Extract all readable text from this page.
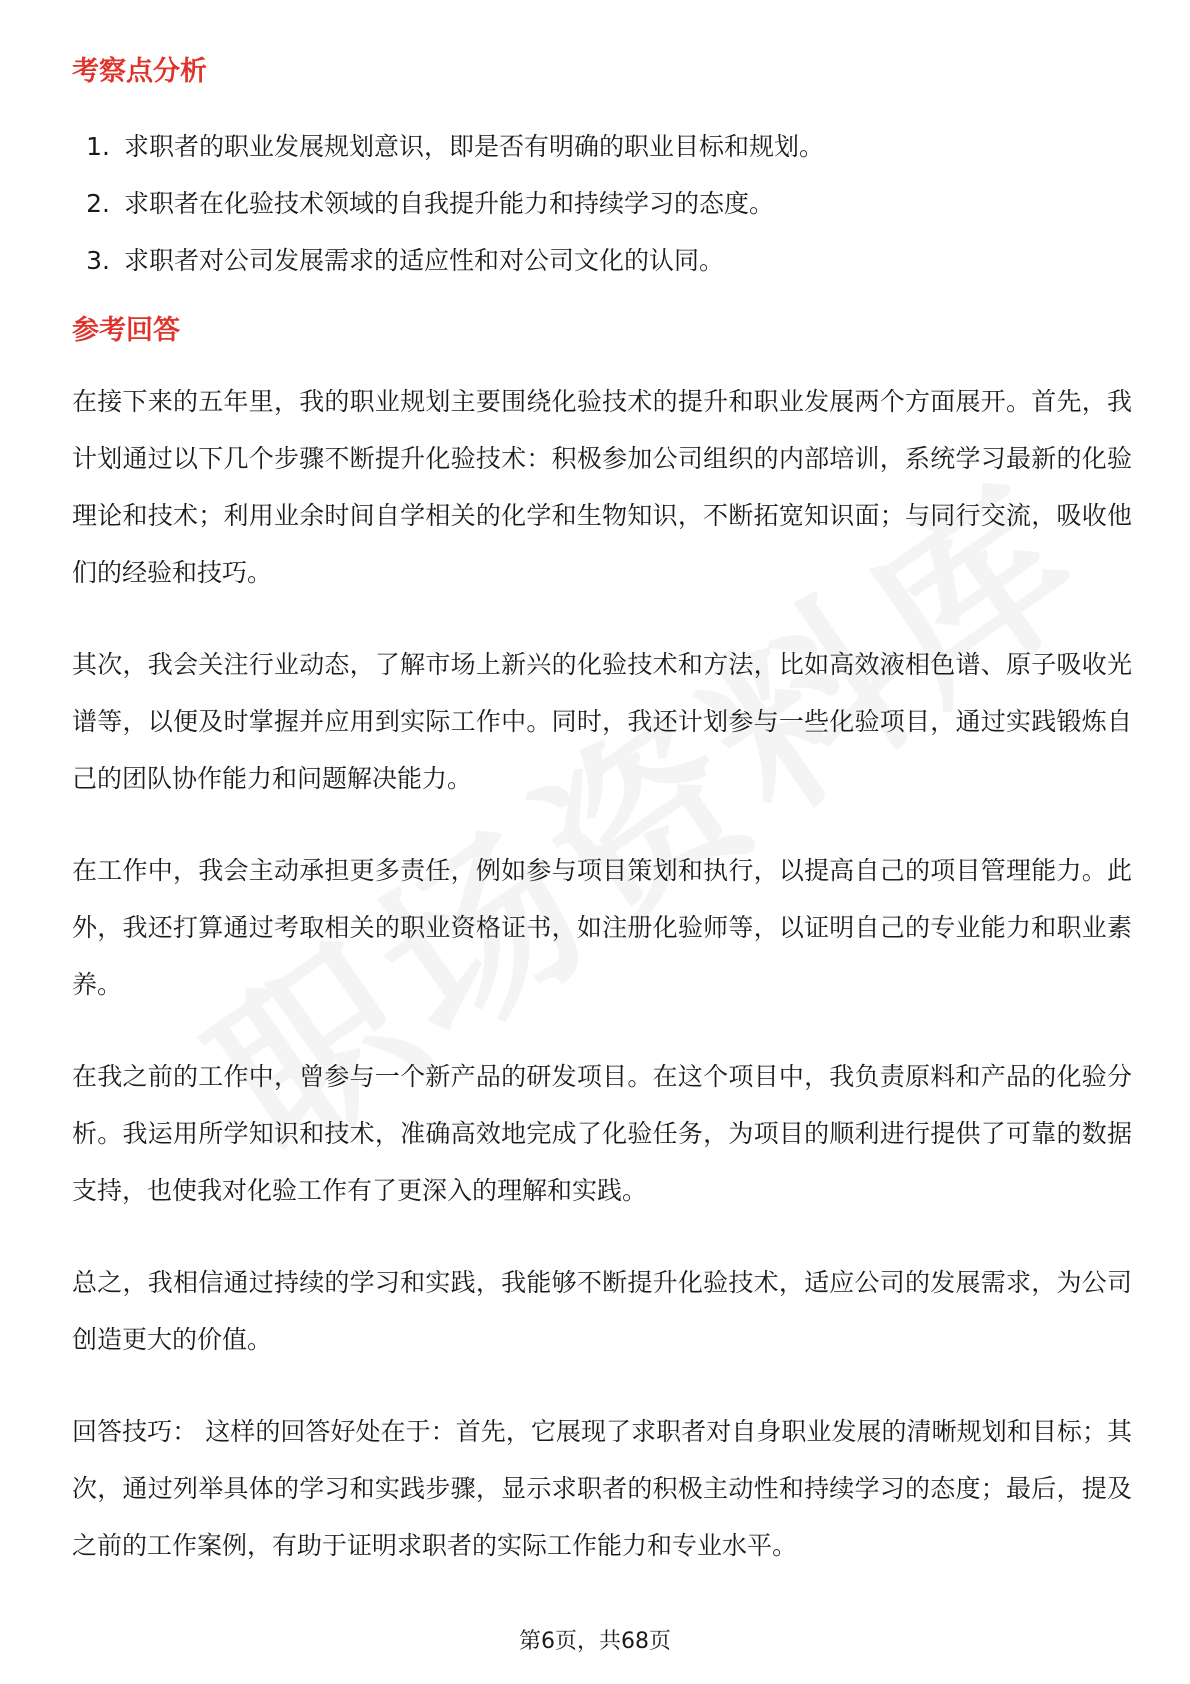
考察点分析
1. 求职者的职业发展规划意识，即是否有明确的职业目标和规划。
2. 求职者在化验技术领域的自我提升能力和持续学习的态度。
3. 求职者对公司发展需求的适应性和对公司文化的认同。
参考回答

在接下来的五年里，我的职业规划主要围绕化验技术的提升和职业发展两个方面展开。首先，我计划通过以下几个步骤不断提升化验技术：积极参加公司组织的内部培训，系统学习最新的化验理论和技术；利用业余时间自学相关的化学和生物知识，不断拓宽知识面；与同行交流，吸收他们的经验和技巧。

其次，我会关注行业动态，了解市场上新兴的化验技术和方法，比如高效液相色谱、原子吸收光谱等，以便及时掌握并应用到实际工作中。同时，我还计划参与一些化验项目，通过实践锻炼自己的团队协作能力和问题解决能力。

在工作中，我会主动承担更多责任，例如参与项目策划和执行，以提高自己的项目管理能力。此外，我还打算通过考取相关的职业资格证书，如注册化验师等，以证明自己的专业能力和职业素养。

在我之前的工作中，曾参与一个新产品的研发项目。在这个项目中，我负责原料和产品的化验分析。我运用所学知识和技术，准确高效地完成了化验任务，为项目的顺利进行提供了可靠的数据支持，也使我对化验工作有了更深入的理解和实践。

总之，我相信通过持续的学习和实践，我能够不断提升化验技术，适应公司的发展需求，为公司创造更大的价值。

回答技巧： 这样的回答好处在于：首先，它展现了求职者对自身职业发展的清晰规划和目标；其次，通过列举具体的学习和实践步骤，显示求职者的积极主动性和持续学习的态度；最后，提及之前的工作案例，有助于证明求职者的实际工作能力和专业水平。

第6页，共68页
